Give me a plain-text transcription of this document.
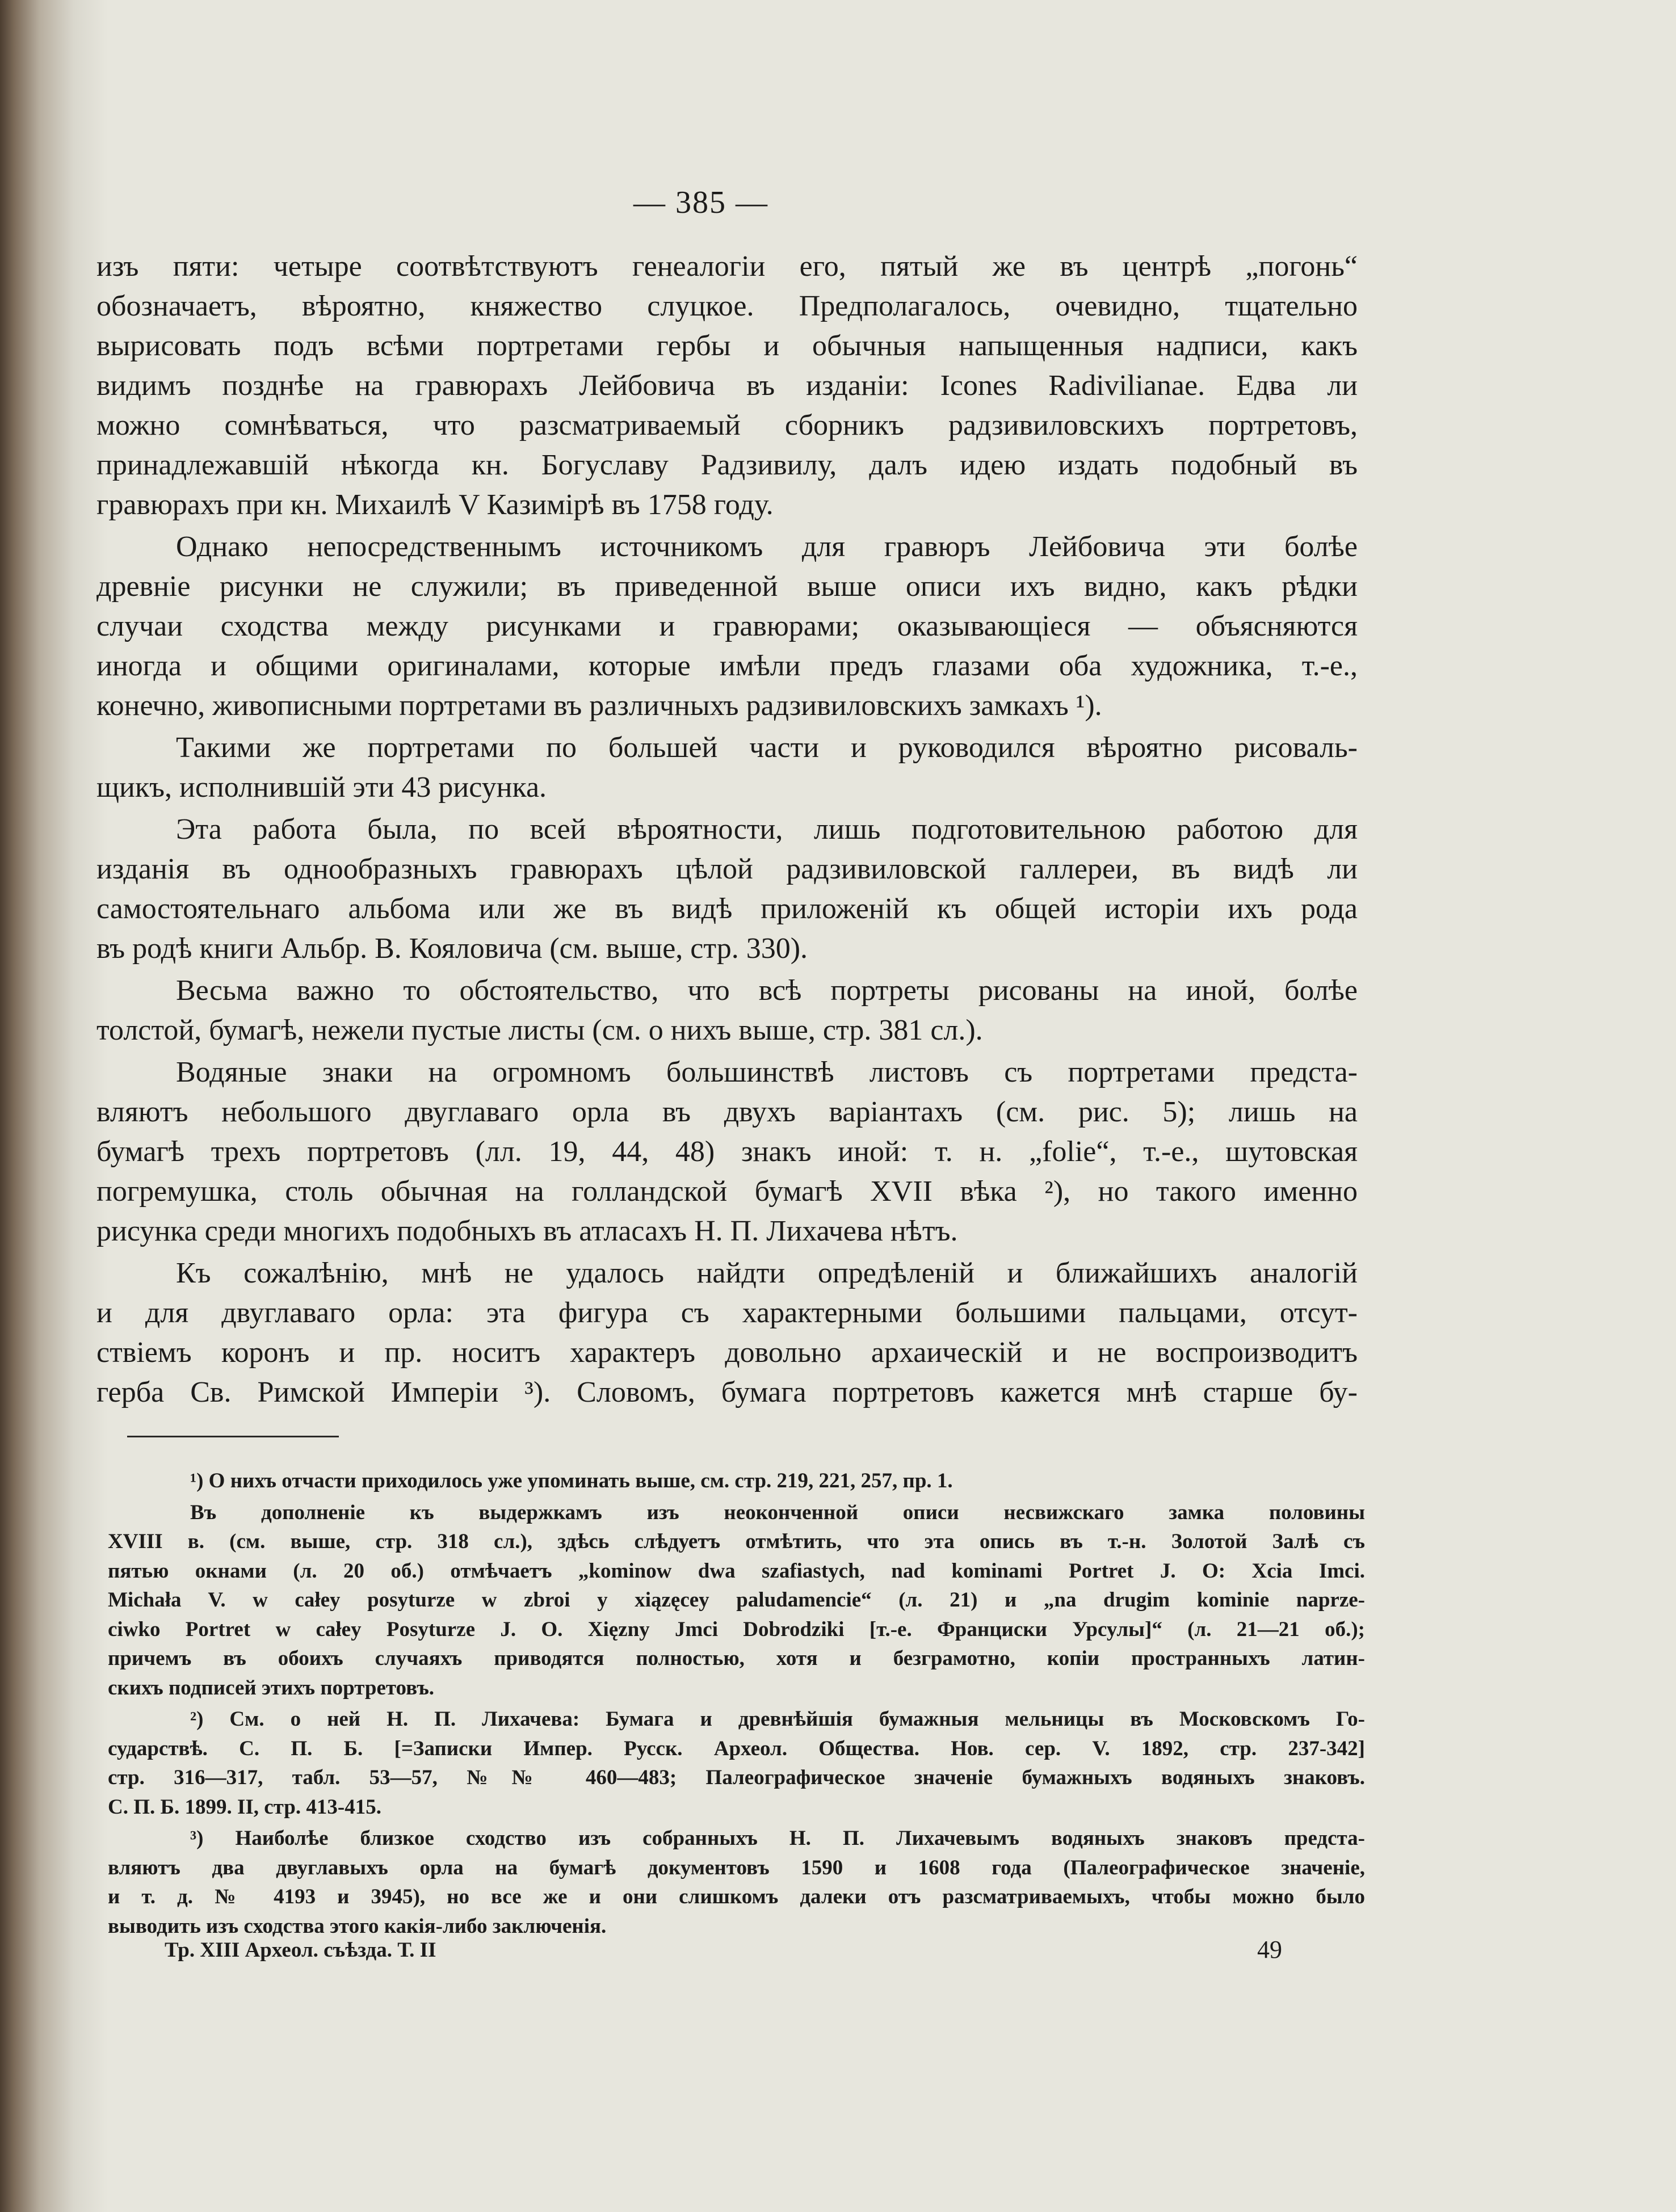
— 385 —
изъ пяти: четыре соотвѣтствуютъ генеалогіи его, пятый же въ центрѣ „погонь“
обозначаетъ, вѣроятно, княжество слуцкое. Предполагалось, очевидно, тщательно
вырисовать подъ всѣми портретами гербы и обычныя напыщенныя надписи, какъ
видимъ позднѣе на гравюрахъ Лейбовича въ изданіи: Icones Radivilianae. Едва ли
можно сомнѣваться, что разсматриваемый сборникъ радзивиловскихъ портретовъ,
принадлежавшій нѣкогда кн. Богуславу Радзивилу, далъ идею издать подобный въ
гравюрахъ при кн. Михаилѣ V Казимірѣ въ 1758 году.
Однако непосредственнымъ источникомъ для гравюръ Лейбовича эти болѣе
древніе рисунки не служили; въ приведенной выше описи ихъ видно, какъ рѣдки
случаи сходства между рисунками и гравюрами; оказывающіеся — объясняются
иногда и общими оригиналами, которые имѣли предъ глазами оба художника, т.-е.,
конечно, живописными портретами въ различныхъ радзивиловскихъ замкахъ ¹).
Такими же портретами по большей части и руководился вѣроятно рисоваль-
щикъ, исполнившій эти 43 рисунка.
Эта работа была, по всей вѣроятности, лишь подготовительною работою для
изданія въ однообразныхъ гравюрахъ цѣлой радзивиловской галлереи, въ видѣ ли
самостоятельнаго альбома или же въ видѣ приложеній къ общей исторіи ихъ рода
въ родѣ книги Альбр. В. Кояловича (см. выше, стр. 330).
Весьма важно то обстоятельство, что всѣ портреты рисованы на иной, болѣе
толстой, бумагѣ, нежели пустые листы (см. о нихъ выше, стр. 381 сл.).
Водяные знаки на огромномъ большинствѣ листовъ съ портретами предста-
вляютъ небольшого двуглаваго орла въ двухъ варіантахъ (см. рис. 5); лишь на
бумагѣ трехъ портретовъ (лл. 19, 44, 48) знакъ иной: т. н. „folie“, т.-е., шутовская
погремушка, столь обычная на голландской бумагѣ XVII вѣка ²), но такого именно
рисунка среди многихъ подобныхъ въ атласахъ Н. П. Лихачева нѣтъ.
Къ сожалѣнію, мнѣ не удалось найдти опредѣленій и ближайшихъ аналогій
и для двуглаваго орла: эта фигура съ характерными большими пальцами, отсут-
ствіемъ коронъ и пр. носитъ характеръ довольно архаическій и не воспроизводитъ
герба Св. Римской Имперіи ³). Словомъ, бумага портретовъ кажется мнѣ старше бу-
¹) О нихъ отчасти приходилось уже упоминать выше, см. стр. 219, 221, 257, пр. 1.
Въ дополненіе къ выдержкамъ изъ неоконченной описи несвижскаго замка половины
XVIII в. (см. выше, стр. 318 сл.), здѣсь слѣдуетъ отмѣтить, что эта опись въ т.-н. Золотой Залѣ съ
пятью окнами (л. 20 об.) отмѣчаетъ „kominow dwa szafiastych, nad kominami Portret J. O: Xcia Imci.
Michała V. w całey posyturze w zbroi y xiązęcey paludamencie“ (л. 21) и „na drugim kominie naprze-
ciwko Portret w całey Posyturze J. O. Xięzny Jmci Dobrodziki [т.-е. Франциски Урсулы]“ (л. 21—21 об.);
причемъ въ обоихъ случаяхъ приводятся полностью, хотя и безграмотно, копіи пространныхъ латин-
скихъ подписей этихъ портретовъ.
²) См. о ней Н. П. Лихачева: Бумага и древнѣйшія бумажныя мельницы въ Московскомъ Го-
сударствѣ. С. П. Б. [=Записки Импер. Русск. Археол. Общества. Нов. сер. V. 1892, стр. 237-342]
стр. 316—317, табл. 53—57, №№ 460—483; Палеографическое значеніе бумажныхъ водяныхъ знаковъ.
С. П. Б. 1899. II, стр. 413-415.
³) Наиболѣе близкое сходство изъ собранныхъ Н. П. Лихачевымъ водяныхъ знаковъ предста-
вляютъ два двуглавыхъ орла на бумагѣ документовъ 1590 и 1608 года (Палеографическое значеніе,
и т. д. № 4193 и 3945), но все же и они слишкомъ далеки отъ разсматриваемыхъ, чтобы можно было
выводить изъ сходства этого какія-либо заключенія.
Тр. XIII Археол. съѣзда. Т. II	49
